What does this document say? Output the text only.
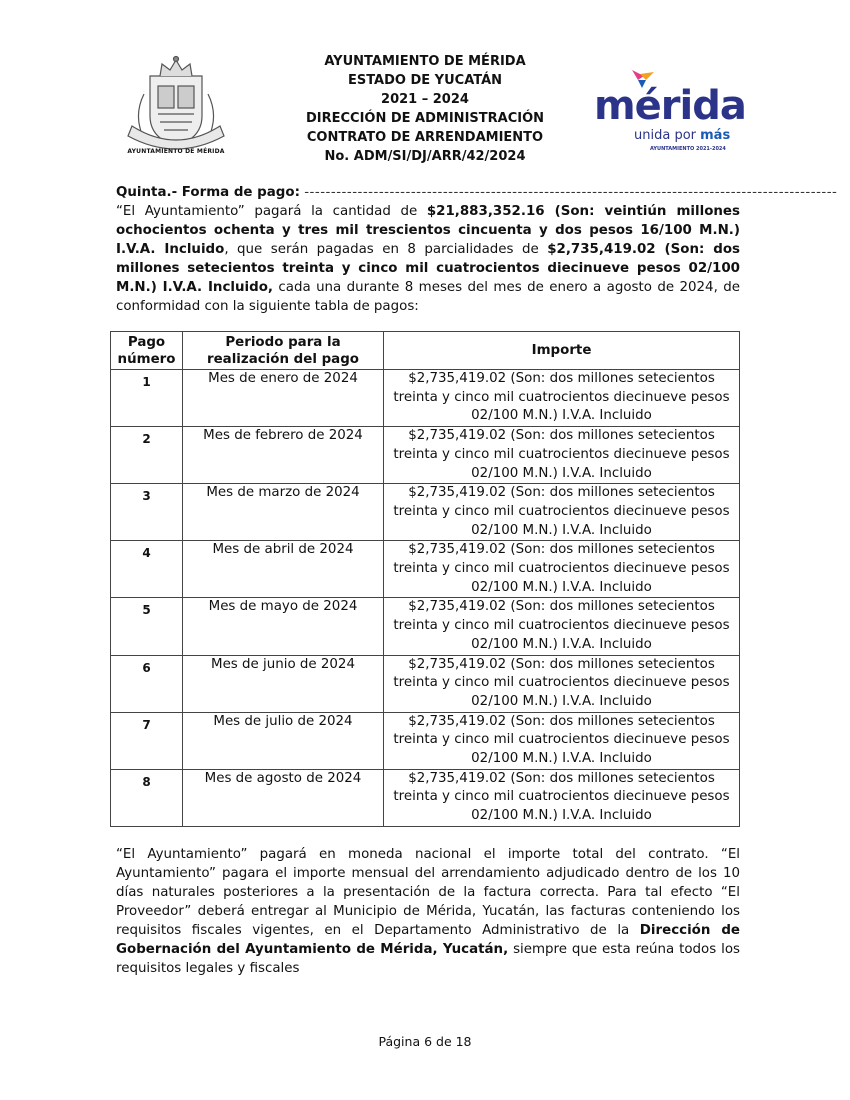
AYUNTAMIENTO DE MÉRIDA
AYUNTAMIENTO DE MÉRIDA
ESTADO DE YUCATÁN
2021 – 2024
DIRECCIÓN DE ADMINISTRACIÓN
CONTRATO DE ARRENDAMIENTO
No. ADM/SI/DJ/ARR/42/2024
mérida
unida por más
AYUNTAMIENTO 2021-2024
Quinta.- Forma de pago: ----------------------------------------------------------------------------------------------------

“El Ayuntamiento” pagará la cantidad de $21,883,352.16 (Son: veintiún millones ochocientos ochenta y tres mil trescientos cincuenta y dos pesos 16/100 M.N.) I.V.A. Incluido, que serán pagadas en 8 parcialidades de $2,735,419.02 (Son: dos millones setecientos treinta y cinco mil cuatrocientos diecinueve pesos 02/100 M.N.) I.V.A. Incluido, cada una durante 8 meses del mes de enero a agosto de 2024, de conformidad con la siguiente tabla de pagos:

Pago número	Periodo para la realización del pago	Importe
1	Mes de enero de 2024	$2,735,419.02 (Son: dos millones setecientos treinta y cinco mil cuatrocientos diecinueve pesos 02/100 M.N.) I.V.A. Incluido
2	Mes de febrero de 2024	$2,735,419.02 (Son: dos millones setecientos treinta y cinco mil cuatrocientos diecinueve pesos 02/100 M.N.) I.V.A. Incluido
3	Mes de marzo de 2024	$2,735,419.02 (Son: dos millones setecientos treinta y cinco mil cuatrocientos diecinueve pesos 02/100 M.N.) I.V.A. Incluido
4	Mes de abril de 2024	$2,735,419.02 (Son: dos millones setecientos treinta y cinco mil cuatrocientos diecinueve pesos 02/100 M.N.) I.V.A. Incluido
5	Mes de mayo de 2024	$2,735,419.02 (Son: dos millones setecientos treinta y cinco mil cuatrocientos diecinueve pesos 02/100 M.N.) I.V.A. Incluido
6	Mes de junio de 2024	$2,735,419.02 (Son: dos millones setecientos treinta y cinco mil cuatrocientos diecinueve pesos 02/100 M.N.) I.V.A. Incluido
7	Mes de julio de 2024	$2,735,419.02 (Son: dos millones setecientos treinta y cinco mil cuatrocientos diecinueve pesos 02/100 M.N.) I.V.A. Incluido
8	Mes de agosto de 2024	$2,735,419.02 (Son: dos millones setecientos treinta y cinco mil cuatrocientos diecinueve pesos 02/100 M.N.) I.V.A. Incluido

“El Ayuntamiento” pagará en moneda nacional el importe total del contrato. “El Ayuntamiento” pagara el importe mensual del arrendamiento adjudicado dentro de los 10 días naturales posteriores a la presentación de la factura correcta. Para tal efecto “El Proveedor” deberá entregar al Municipio de Mérida, Yucatán, las facturas conteniendo los requisitos fiscales vigentes, en el Departamento Administrativo de la Dirección de Gobernación del Ayuntamiento de Mérida, Yucatán, siempre que esta reúna todos los requisitos legales y fiscales

Página 6 de 18
